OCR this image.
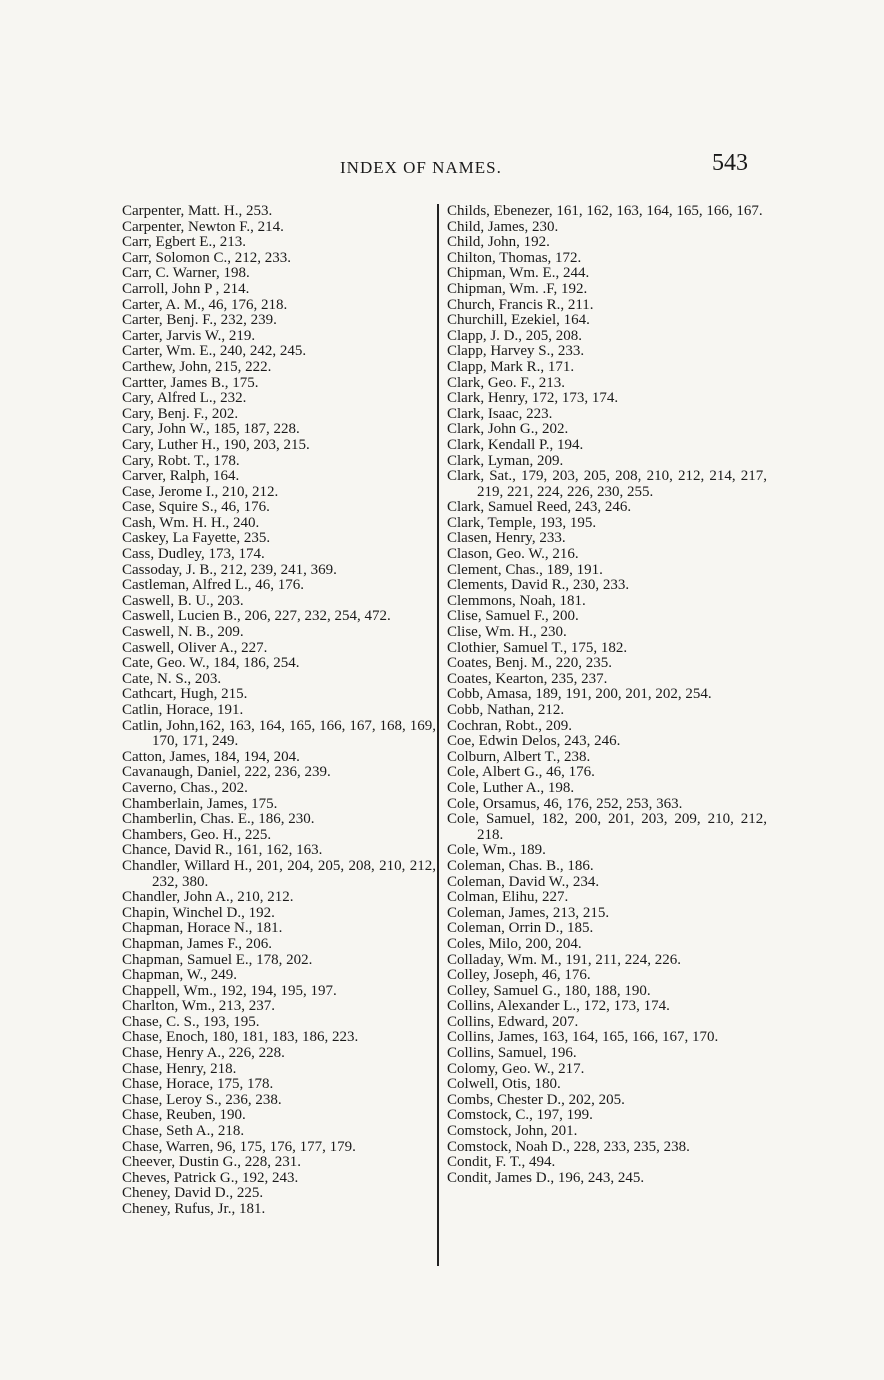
INDEX OF NAMES.	543
Carpenter, Matt. H., 253.
Carpenter, Newton F., 214.
Carr, Egbert E., 213.
Carr, Solomon C., 212, 233.
Carr, C. Warner, 198.
Carroll, John P , 214.
Carter, A. M., 46, 176, 218.
Carter, Benj. F., 232, 239.
Carter, Jarvis W., 219.
Carter, Wm. E., 240, 242, 245.
Carthew, John, 215, 222.
Cartter, James B., 175.
Cary, Alfred L., 232.
Cary, Benj. F., 202.
Cary, John W., 185, 187, 228.
Cary, Luther H., 190, 203, 215.
Cary, Robt. T., 178.
Carver, Ralph, 164.
Case, Jerome I., 210, 212.
Case, Squire S., 46, 176.
Cash, Wm. H. H., 240.
Caskey, La Fayette, 235.
Cass, Dudley, 173, 174.
Cassoday, J. B., 212, 239, 241, 369.
Castleman, Alfred L., 46, 176.
Caswell, B. U., 203.
Caswell, Lucien B., 206, 227, 232, 254, 472.
Caswell, N. B., 209.
Caswell, Oliver A., 227.
Cate, Geo. W., 184, 186, 254.
Cate, N. S., 203.
Cathcart, Hugh, 215.
Catlin, Horace, 191.
Catlin, John,162, 163, 164, 165, 166, 167, 168, 169, 170, 171, 249.
Catton, James, 184, 194, 204.
Cavanaugh, Daniel, 222, 236, 239.
Caverno, Chas., 202.
Chamberlain, James, 175.
Chamberlin, Chas. E., 186, 230.
Chambers, Geo. H., 225.
Chance, David R., 161, 162, 163.
Chandler, Willard H., 201, 204, 205, 208, 210, 212, 232, 380.
Chandler, John A., 210, 212.
Chapin, Winchel D., 192.
Chapman, Horace N., 181.
Chapman, James F., 206.
Chapman, Samuel E., 178, 202.
Chapman, W., 249.
Chappell, Wm., 192, 194, 195, 197.
Charlton, Wm., 213, 237.
Chase, C. S., 193, 195.
Chase, Enoch, 180, 181, 183, 186, 223.
Chase, Henry A., 226, 228.
Chase, Henry, 218.
Chase, Horace, 175, 178.
Chase, Leroy S., 236, 238.
Chase, Reuben, 190.
Chase, Seth A., 218.
Chase, Warren, 96, 175, 176, 177, 179.
Cheever, Dustin G., 228, 231.
Cheves, Patrick G., 192, 243.
Cheney, David D., 225.
Cheney, Rufus, Jr., 181.
Childs, Ebenezer, 161, 162, 163, 164, 165, 166, 167.
Child, James, 230.
Child, John, 192.
Chilton, Thomas, 172.
Chipman, Wm. E., 244.
Chipman, Wm. .F, 192.
Church, Francis R., 211.
Churchill, Ezekiel, 164.
Clapp, J. D., 205, 208.
Clapp, Harvey S., 233.
Clapp, Mark R., 171.
Clark, Geo. F., 213.
Clark, Henry, 172, 173, 174.
Clark, Isaac, 223.
Clark, John G., 202.
Clark, Kendall P., 194.
Clark, Lyman, 209.
Clark, Sat., 179, 203, 205, 208, 210, 212, 214, 217, 219, 221, 224, 226, 230, 255.
Clark, Samuel Reed, 243, 246.
Clark, Temple, 193, 195.
Clasen, Henry, 233.
Clason, Geo. W., 216.
Clement, Chas., 189, 191.
Clements, David R., 230, 233.
Clemmons, Noah, 181.
Clise, Samuel F., 200.
Clise, Wm. H., 230.
Clothier, Samuel T., 175, 182.
Coates, Benj. M., 220, 235.
Coates, Kearton, 235, 237.
Cobb, Amasa, 189, 191, 200, 201, 202, 254.
Cobb, Nathan, 212.
Cochran, Robt., 209.
Coe, Edwin Delos, 243, 246.
Colburn, Albert T., 238.
Cole, Albert G., 46, 176.
Cole, Luther A., 198.
Cole, Orsamus, 46, 176, 252, 253, 363.
Cole, Samuel, 182, 200, 201, 203, 209, 210, 212, 218.
Cole, Wm., 189.
Coleman, Chas. B., 186.
Coleman, David W., 234.
Colman, Elihu, 227.
Coleman, James, 213, 215.
Coleman, Orrin D., 185.
Coles, Milo, 200, 204.
Colladay, Wm. M., 191, 211, 224, 226.
Colley, Joseph, 46, 176.
Colley, Samuel G., 180, 188, 190.
Collins, Alexander L., 172, 173, 174.
Collins, Edward, 207.
Collins, James, 163, 164, 165, 166, 167, 170.
Collins, Samuel, 196.
Colomy, Geo. W., 217.
Colwell, Otis, 180.
Combs, Chester D., 202, 205.
Comstock, C., 197, 199.
Comstock, John, 201.
Comstock, Noah D., 228, 233, 235, 238.
Condit, F. T., 494.
Condit, James D., 196, 243, 245.
